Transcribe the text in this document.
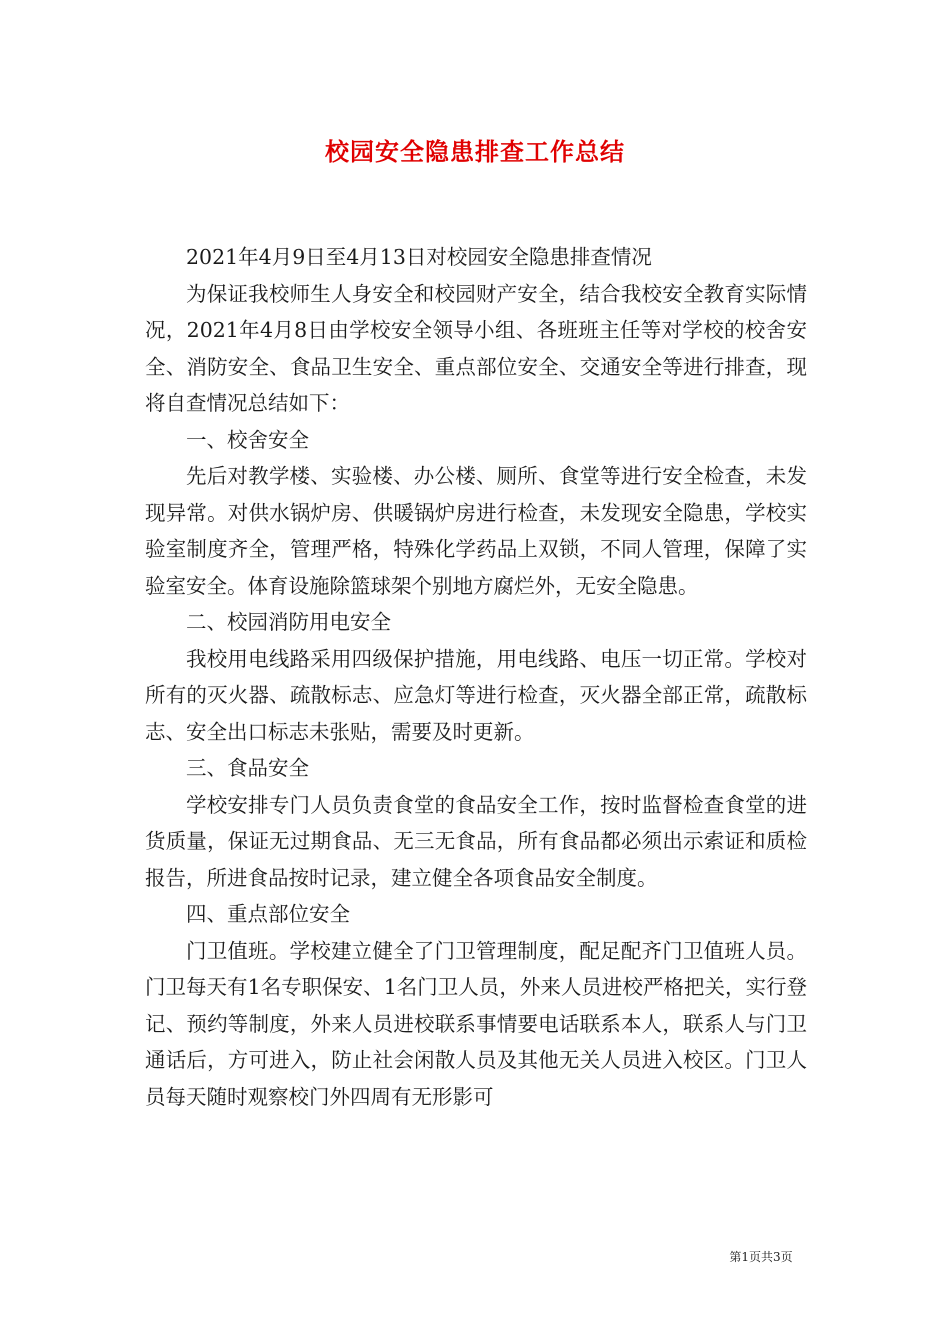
校园安全隐患排查工作总结

2021年4月9日至4月13日对校园安全隐患排查情况

为保证我校师生人身安全和校园财产安全，结合我校安全教育实际情况，2021年4月8日由学校安全领导小组、各班班主任等对学校的校舍安全、消防安全、食品卫生安全、重点部位安全、交通安全等进行排查，现将自查情况总结如下：

一、校舍安全

先后对教学楼、实验楼、办公楼、厕所、食堂等进行安全检查，未发现异常。对供水锅炉房、供暖锅炉房进行检查，未发现安全隐患，学校实验室制度齐全，管理严格，特殊化学药品上双锁，不同人管理，保障了实验室安全。体育设施除篮球架个别地方腐烂外，无安全隐患。

二、校园消防用电安全

我校用电线路采用四级保护措施，用电线路、电压一切正常。学校对所有的灭火器、疏散标志、应急灯等进行检查，灭火器全部正常，疏散标志、安全出口标志未张贴，需要及时更新。

三、食品安全

学校安排专门人员负责食堂的食品安全工作，按时监督检查食堂的进货质量，保证无过期食品、无三无食品，所有食品都必须出示索证和质检报告，所进食品按时记录，建立健全各项食品安全制度。

四、重点部位安全

门卫值班。学校建立健全了门卫管理制度，配足配齐门卫值班人员。门卫每天有1名专职保安、1名门卫人员，外来人员进校严格把关，实行登记、预约等制度，外来人员进校联系事情要电话联系本人，联系人与门卫通话后，方可进入，防止社会闲散人员及其他无关人员进入校区。门卫人员每天随时观察校门外四周有无形影可

第1页共3页
